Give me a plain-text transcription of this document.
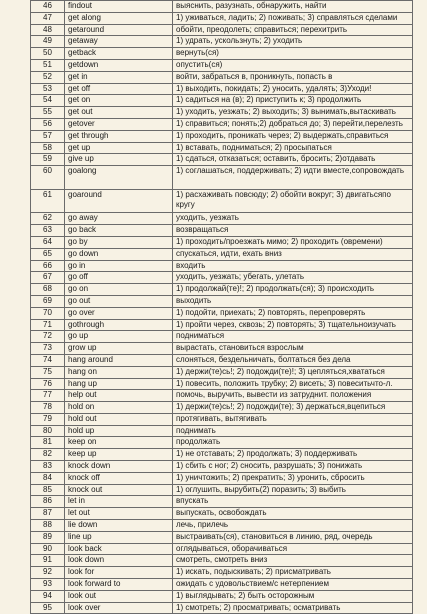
46	findout	выяснить, разузнать, обнаружить, найти
47	get along	1) уживаться, ладить; 2) поживать; 3) справляться сделами
48	getaround	обойти, преодолеть; справиться; перехитрить
49	getaway	1) удрать, ускользнуть; 2) уходить
50	getback	вернуть(ся)
51	getdown	опустить(ся)
52	get in	войти, забраться в, проникнуть, попасть в
53	get off	1) выходить, покидать; 2) уносить, удалять; 3)Уходи!
54	get on	1) садиться на (в); 2) приступить к; 3) продолжить
55	get out	1) уходить, уезжать; 2) выходить; 3) вынимать,вытаскивать
56	getover	1) справиться; понять;2) добраться до; 3) перейти,перелезть
57	get through	1) проходить, проникать через; 2) выдержать,справиться
58	get up	1) вставать, подниматься; 2) просыпаться
59	give up	1) сдаться, отказаться; оставить, бросить; 2)отдавать
60	goalong	1) соглашаться, поддерживать; 2) идти вместе,сопровождать
61	goaround	1) расхаживать повсюду; 2) обойти вокруг; 3) двигатьсяпо кругу
62	go away	уходить, уезжать
63	go back	возвращаться
64	go by	1) проходить/проезжать мимо; 2) проходить (овремени)
65	go down	спускаться, идти, ехать вниз
66	go in	входить
67	go off	уходить, уезжать; убегать, улетать
68	go on	1) продолжай(те)!; 2) продолжать(ся); 3) происходить
69	go out	выходить
70	go over	1) подойти, приехать; 2) повторять, перепроверять
71	gothrough	1) пройти через, сквозь; 2) повторять; 3) тщательноизучать
72	go up	подниматься
73	grow up	вырастать, становиться взрослым
74	hang around	слоняться, бездельничать, болтаться без дела
75	hang on	1) держи(те)сь!; 2) подожди(те)!; 3) цепляться,хвататься
76	hang up	1) повесить, положить трубку; 2) висеть; 3) повеситьчто-л.
77	help out	помочь, выручить, вывести из затруднит. положения
78	hold on	1) держи(те)сь!; 2) подожди(те); 3) держаться,вцепиться
79	hold out	протягивать, вытягивать
80	hold up	поднимать
81	keep on	продолжать
82	keep up	1) не отставать; 2) продолжать; 3) поддерживать
83	knock down	1) сбить с ног; 2) сносить, разрушать; 3) понижать
84	knock off	1) уничтожить; 2) прекратить; 3) уронить, сбросить
85	knock out	1) оглушить, вырубить(2) поразить; 3) выбить
86	let in	впускать
87	let out	выпускать, освобождать
88	lie down	лечь, прилечь
89	line up	выстраивать(ся), становиться в линию, ряд, очередь
90	look back	оглядываться, оборачиваться
91	look down	смотреть, смотреть вниз
92	look for	1) искать, подыскивать; 2) присматривать
93	look forward to	ожидать с удовольствием/с нетерпением
94	look out	1) выглядывать; 2) быть осторожным
95	look over	1) смотреть; 2) просматривать; осматривать
